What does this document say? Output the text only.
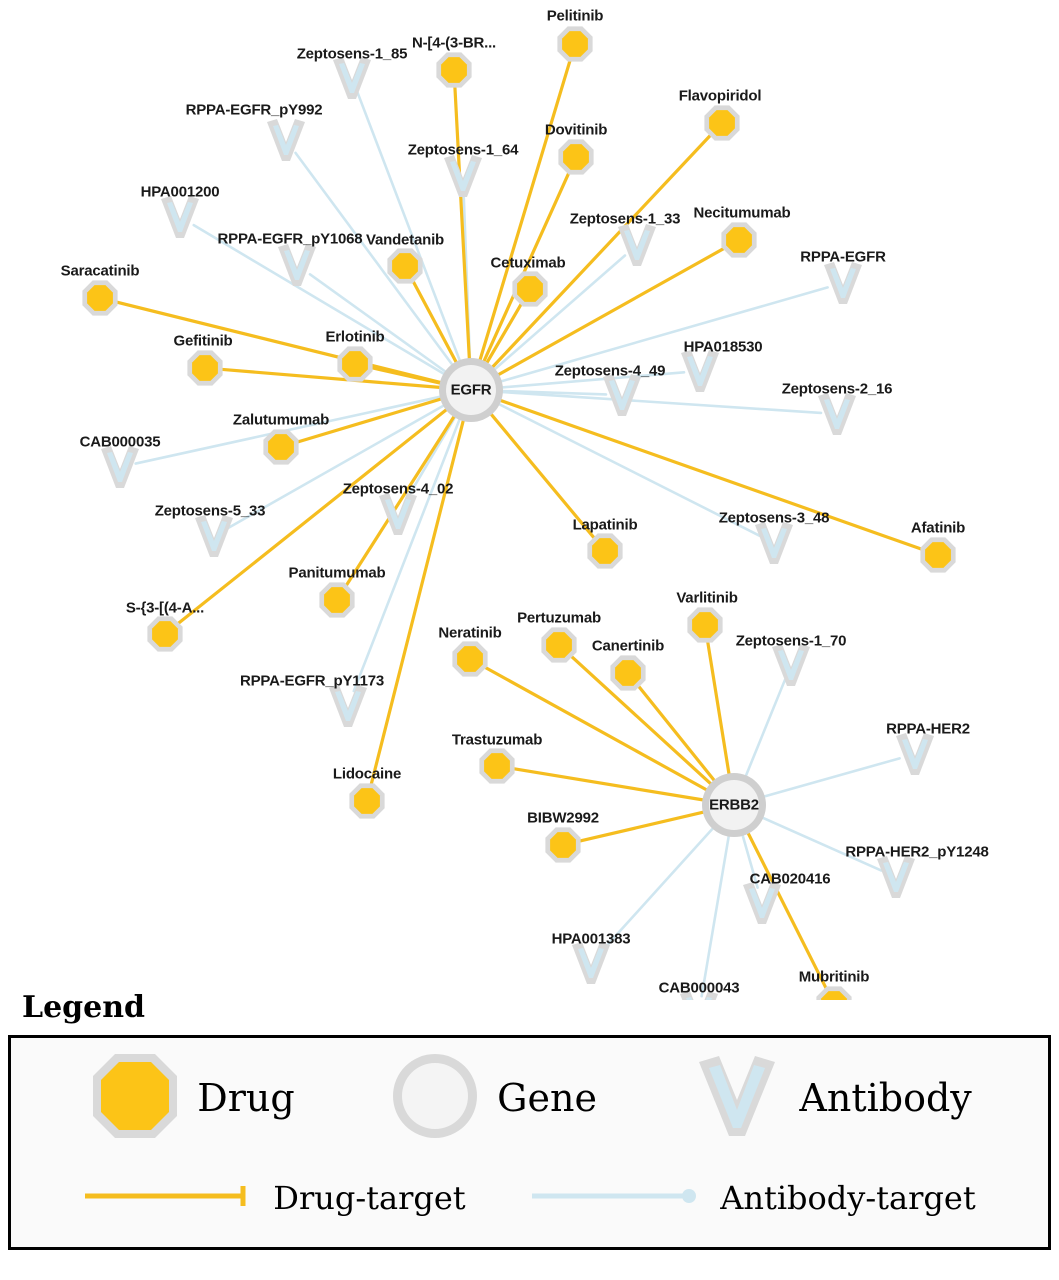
Zeptosens-1_85
RPPA-EGFR_pY992
Zeptosens-1_64
HPA001200
Zeptosens-1_33
RPPA-EGFR_pY1068
RPPA-EGFR
HPA018530
Zeptosens-4_49
Zeptosens-2_16
CAB000035
Zeptosens-4_02
Zeptosens-5_33	Zeptosens-3_48
Zeptosens-1_70
RPPA-EGFR_pY1173
RPPA-HER2
RPPA-HER2_pY1248
CAB020416
HPA001383
CAB000043
Pelitinib
N-[4-(3-BR...
Flavopiridol
Dovitinib
Necitumumab
Vandetanib
Cetuximab
Saracatinib
Erlotinib
Gefitinib
Zalutumumab
Lapatinib	Afatinib
Varlitinib
Panitumumab
S-{3-[(4-A...
Pertuzumab
Neratinib
Canertinib
Trastuzumab
Lidocaine
BIBW2992
Mubritinib
EGFR
ERBB2
Legend
Drug	Gene	Antibody
Drug-target	Antibody-target
